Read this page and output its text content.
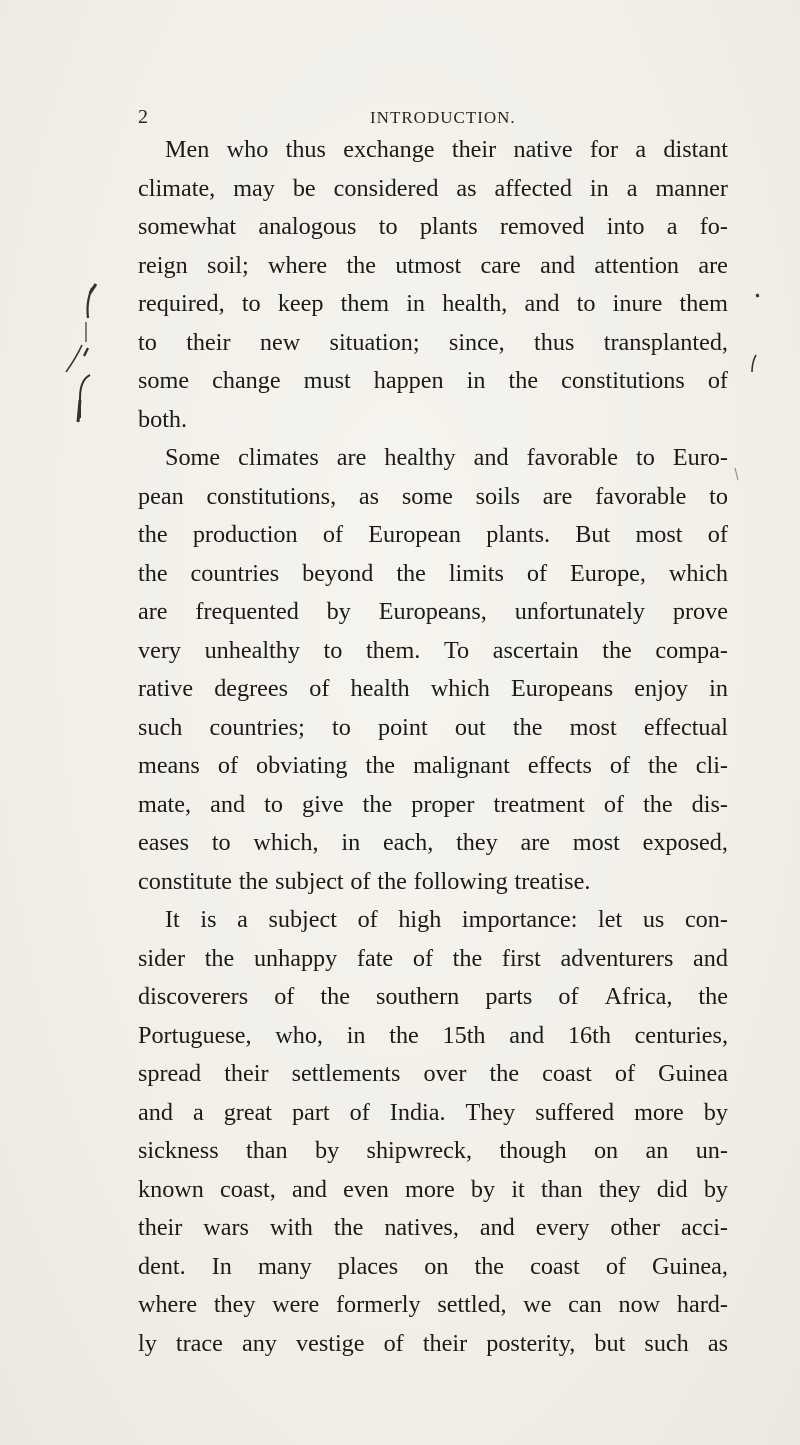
2	INTRODUCTION.
Men who thus exchange their native for a distant
climate, may be considered as affected in a manner
somewhat analogous to plants removed into a fo-
reign soil; where the utmost care and attention are
required, to keep them in health, and to inure them
to their new situation; since, thus transplanted,
some change must happen in the constitutions of
both.
Some climates are healthy and favorable to Euro-
pean constitutions, as some soils are favorable to
the production of European plants. But most of
the countries beyond the limits of Europe, which
are frequented by Europeans, unfortunately prove
very unhealthy to them. To ascertain the compa-
rative degrees of health which Europeans enjoy in
such countries; to point out the most effectual
means of obviating the malignant effects of the cli-
mate, and to give the proper treatment of the dis-
eases to which, in each, they are most exposed,
constitute the subject of the following treatise.
It is a subject of high importance: let us con-
sider the unhappy fate of the first adventurers and
discoverers of the southern parts of Africa, the
Portuguese, who, in the 15th and 16th centuries,
spread their settlements over the coast of Guinea
and a great part of India. They suffered more by
sickness than by shipwreck, though on an un-
known coast, and even more by it than they did by
their wars with the natives, and every other acci-
dent. In many places on the coast of Guinea,
where they were formerly settled, we can now hard-
ly trace any vestige of their posterity, but such as
